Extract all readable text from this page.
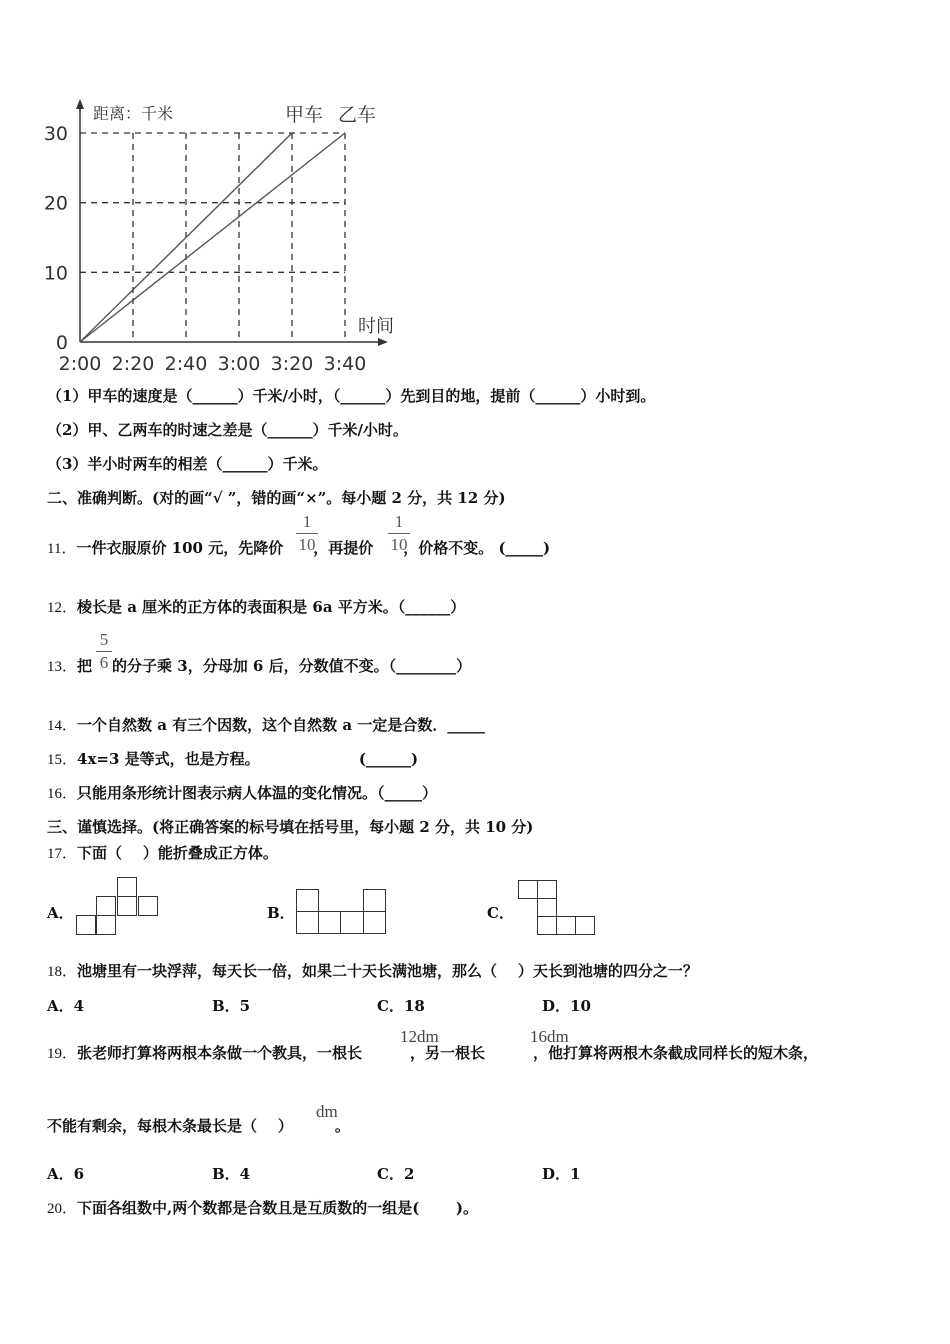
0
10
20
30
2:00 2:20 2:40 3:00 3:20 3:40
距离：千米
时间
甲车 乙车
（1）甲车的速度是（______）千米/小时，（______）先到目的地，提前（______）小时到。
（2）甲、乙两车的时速之差是（______）千米/小时。
（3）半小时两车的相差（______）千米。
二、准确判断。(对的画“√ ”，错的画“×”。每小题 2 分，共 12 分)
11．一件衣服原价 100 元，先降价 ，再提价 ，价格不变。 (_____)
1
10
1
10
12．棱长是 a 厘米的正方体的表面积是 6a 平方米。（______）
13．把 的分子乘 3，分母加 6 后，分数值不变。（________）
5
6
14．一个自然数 a 有三个因数，这个自然数 a 一定是合数．_____
15．4x=3 是等式，也是方程。                   (______)
16．只能用条形统计图表示病人体温的变化情况。（_____）
三、谨慎选择。(将正确答案的标号填在括号里，每小题 2 分，共 10 分)
17．下面（    ）能折叠成正方体。
A．	B．	C．
18．池塘里有一块浮萍，每天长一倍，如果二十天长满池塘，那么（    ）天长到池塘的四分之一？
A．4	B．5	C．18	D．10
19．张老师打算将两根本条做一个教具，一根长	，另一根长	，他打算将两根木条截成同样长的短木条，
12dm	16dm
不能有剩余，每根木条最长是（    ）	。
dm
A．6	B．4	C．2	D．1
20．下面各组数中,两个数都是合数且是互质数的一组是(       )。
